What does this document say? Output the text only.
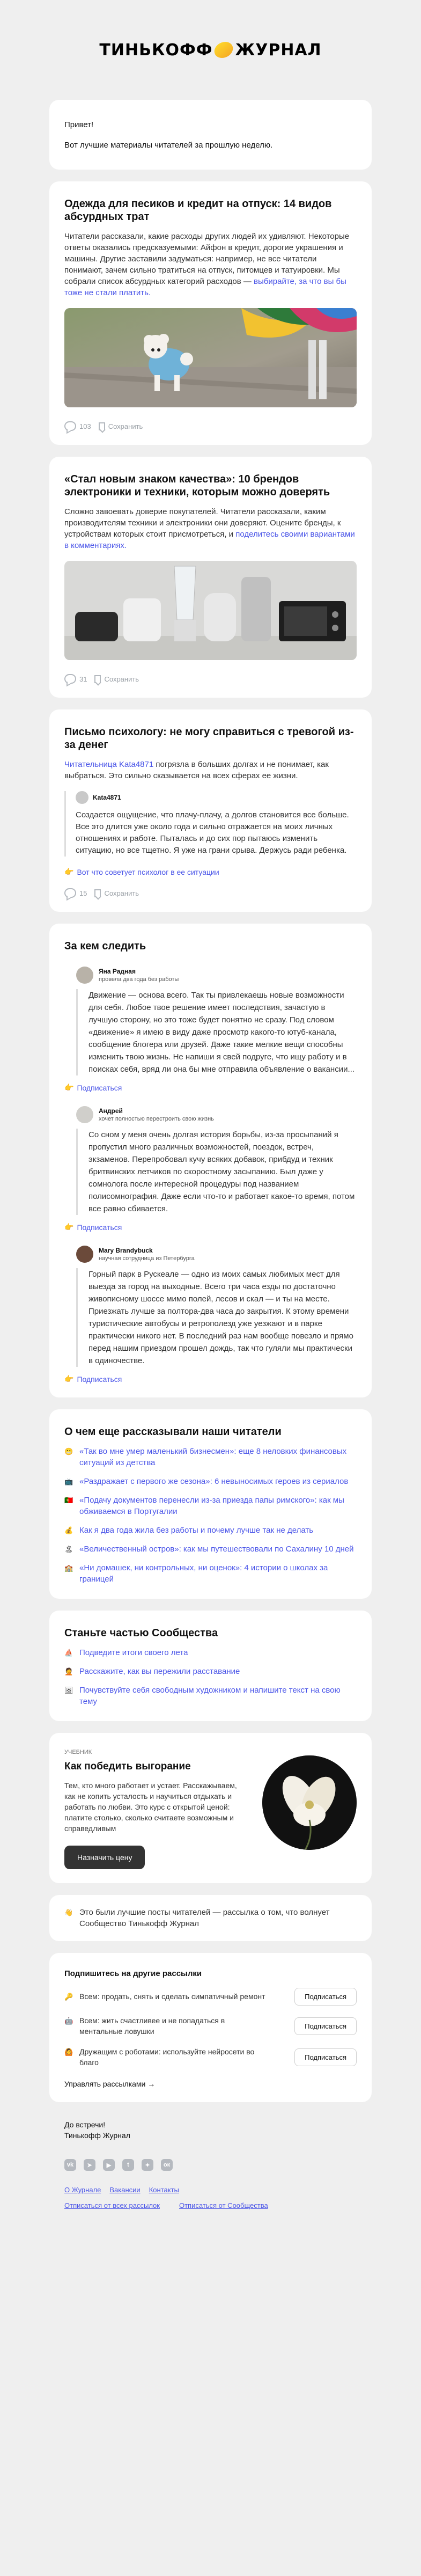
ТИНЬКОФФ ЖУРНАЛ

Привет!

Вот лучшие материалы читателей за прошлую неделю.

Одежда для песиков и кредит на отпуск: 14 видов абсурдных трат
Читатели рассказали, какие расходы других людей их удивляют. Некоторые ответы оказались предсказуемыми: Айфон в кредит, дорогие украшения и машины. Другие заставили задуматься: например, не все читатели понимают, зачем сильно тратиться на отпуск, питомцев и татуировки. Мы собрали список абсурдных категорий расходов — выбирайте, за что вы бы тоже не стали платить.
103 Сохранить
«Стал новым знаком качества»: 10 брендов электроники и техники, которым можно доверять
Сложно завоевать доверие покупателей. Читатели рассказали, каким производителям техники и электроники они доверяют. Оцените бренды, к устройствам которых стоит присмотреться, и поделитесь своими вариантами в комментариях.
31 Сохранить
Письмо психологу: не могу справиться с тревогой из-за денег
Читательница Kata4871 погрязла в больших долгах и не понимает, как выбраться. Это сильно сказывается на всех сферах ее жизни.
Kata4871
Создается ощущение, что плачу-плачу, а долгов становится все больше. Все это длится уже около года и сильно отражается на моих личных отношениях и работе. Пыталась и до сих пор пытаюсь изменить ситуацию, но все тщетно. Я уже на грани срыва. Держусь ради ребенка.
👉 Вот что советует психолог в ее ситуации
15 Сохранить
За кем следить
Яна Радная
провела два года без работы
Движение — основа всего. Так ты привлекаешь новые возможности для себя. Любое твое решение имеет последствия, зачастую в лучшую сторону, но это тоже будет понятно не сразу. Под словом «движение» я имею в виду даже просмотр какого-то ютуб-канала, сообщение блогера или друзей. Даже такие мелкие вещи способны изменить твою жизнь. Не напиши я свей подруге, что ищу работу и в поисках себя, вряд ли она бы мне отправила объявление о вакансии...
👉 Подписаться
Андрей
хочет полностью перестроить свою жизнь
Со сном у меня очень долгая история борьбы, из-за просыпаний я пропустил много различных возможностей, поездок, встреч, экзаменов. Перепробовал кучу всяких добавок, прибдуд и техник бритвинских летчиков по скоростному засыпанию. Был даже у сомнолога после интересной процедуры под названием полисомнография. Даже если что-то и работает какое-то время, потом все равно сбивается.
👉 Подписаться
Mary Brandybuck
научная сотрудница из Петербурга
Горный парк в Рускеале — одно из моих самых любимых мест для выезда за город на выходные. Всего три часа езды по достаточно живописному шоссе мимо полей, лесов и скал — и ты на месте. Приезжать лучше за полтора-два часа до закрытия. К этому времени туристические автобусы и ретрополезд уже уезжают и в парке практически никого нет. В последний раз нам вообще повезло и прямо перед нашим приездом прошел дождь, так что гуляли мы практически в одиночестве.
👉 Подписаться
О чем еще рассказывали наши читатели
😬 «Так во мне умер маленький бизнесмен»: еще 8 неловких финансовых ситуаций из детства
📺 «Раздражает с первого же сезона»: 6 невыносимых героев из сериалов
🇵🇹 «Подачу документов перенесли из-за приезда папы римского»: как мы обживаемся в Португалии
💰 Как я два года жила без работы и почему лучше так не делать
🏝 «Величественный остров»: как мы путешествовали по Сахалину 10 дней
🏫 «Ни домашек, ни контрольных, ни оценок»: 4 истории о школах за границей
Станьте частью Сообщества
⛵ Подведите итоги своего лета
🤦 Расскажите, как вы пережили расставание
🖼 Почувствуйте себя свободным художником и напишите текст на свою тему
УЧЕБНИК
Как победить выгорание
Тем, кто много работает и устает. Расскажываем, как не копить усталость и научиться отдыхать и работать по любви. Это курс с открытой ценой: платите столько, сколько считаете возможным и справедливым
Назначить цену
👋 Это были лучшие посты читателей — рассылка о том, что волнует Сообщество Тинькофф Журнал
Подпишитесь на другие рассылки
🔑 Всем: продать, снять и сделать симпатичный ремонт	Подписаться
🤖 Всем: жить счастливее и не попадаться в ментальные ловушки
Подписаться
🙆 Дружащим с роботами: используйте нейросети во благо
Подписаться
Управлять рассылками →
До встречи!
Тинькофф Журнал
vk	➤	▶	t	✦	ок
О Журнале Вакансии Контакты
Отписаться от всех рассылок	Отписаться от Сообщества
